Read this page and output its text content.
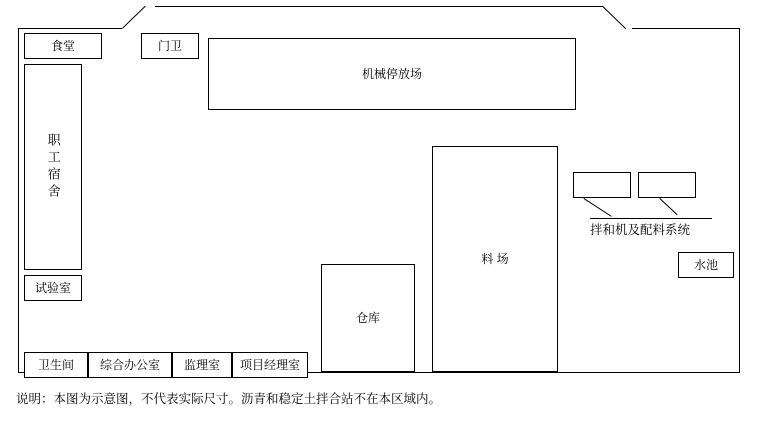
食堂	门卫
机械停放场
职工宿舍
试验室
卫生间 综合办公室 监理室 项目经理室
仓库
料 场
拌和机及配料系统
水池
说明：本图为示意图，不代表实际尺寸。沥青和稳定土拌合站不在本区域内。
